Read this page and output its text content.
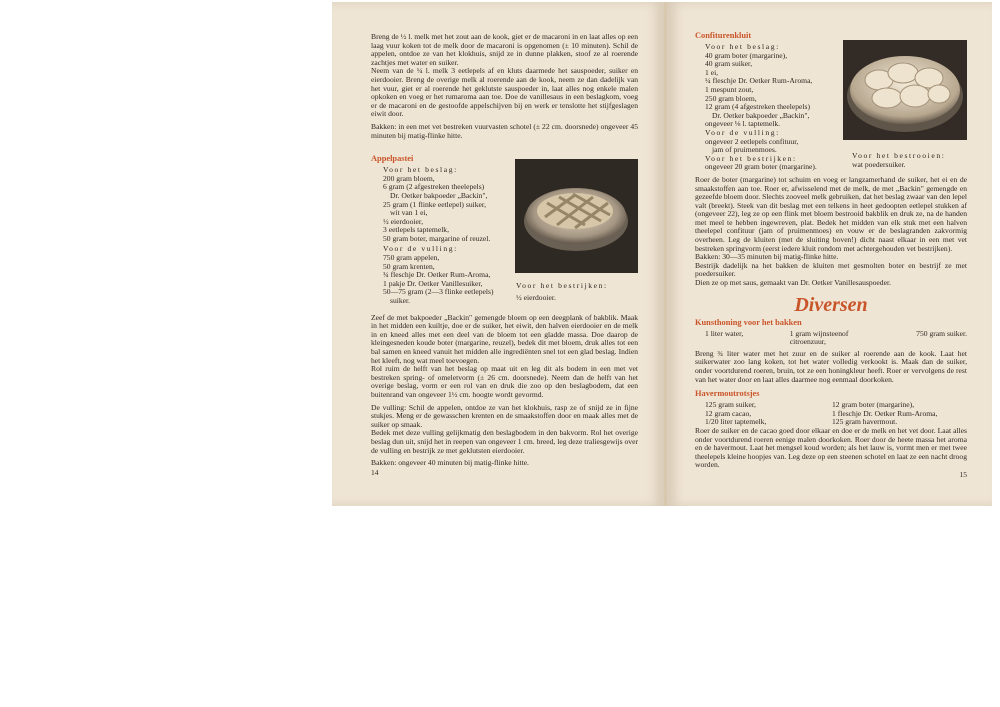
Breng de ½ l. melk met het zout aan de kook, giet er de macaroni in en laat alles op een laag vuur koken tot de melk door de macaroni is opgenomen (± 10 minuten). Schil de appelen, ontdoe ze van het klokhuis, snijd ze in dunne plakken, stoof ze al roerende zachtjes met water en suiker.

Neem van de ¼ l. melk 3 eetlepels af en kluts daarmede het sauspoeder, suiker en eierdooier. Breng de overige melk al roerende aan de kook, neem ze dan dadelijk van het vuur, giet er al roerende het geklutste sauspoeder in, laat alles nog enkele malen opkoken en voeg er het rumaroma aan toe. Doe de vanillesaus in een beslagkom, voeg er de macaroni en de gestoofde appelschijven bij en werk er tenslotte het stijfgeslagen eiwit door.

Bakken: in een met vet bestreken vuurvasten schotel (± 22 cm. doorsnede) ongeveer 45 minuten bij matig-flinke hitte.

Appelpastei

Voor het beslag:

200 gram bloem,

6 gram (2 afgestreken theelepels)

Dr. Oetker bakpoeder „Backin",

25 gram (1 flinke eetlepel) suiker,

wit van 1 ei,

½ eierdooier,

3 eetlepels taptemelk,

50 gram boter, margarine of reuzel.

Voor de vulling:

750 gram appelen,

50 gram krenten,

¾ fleschje Dr. Oetker Rum-Aroma,

1 pakje Dr. Oetker Vanillesuiker,

50—75 gram (2—3 flinke eetlepels)

suiker.

Voor het bestrijken:

½ eierdooier.

Zeef de met bakpoeder „Backin" gemengde bloem op een deegplank of bakblik. Maak in het midden een kuiltje, doe er de suiker, het eiwit, den halven eierdooier en de melk in en kneed alles met een deel van de bloem tot een gladde massa. Doe daarop de kleingesneden koude boter (margarine, reuzel), bedek dit met bloem, druk alles tot een bal samen en kneed vanuit het midden alle ingrediënten snel tot een glad beslag. Indien het kleeft, nog wat meel toevoegen.

Rol ruim de helft van het beslag op maat uit en leg dit als bodem in een met vet bestreken spring- of omeletvorm (± 26 cm. doorsnede). Neem dan de helft van het overige beslag, vorm er een rol van en druk die zoo op den beslagbodem, dat een buitenrand van ongeveer 1½ cm. hoogte wordt gevormd.

De vulling: Schil de appelen, ontdoe ze van het klokhuis, rasp ze of snijd ze in fijne stukjes. Meng er de gewasschen krenten en de smaakstoffen door en maak alles met de suiker op smaak.

Bedek met deze vulling gelijkmatig den beslagbodem in den bakvorm. Rol het overige beslag dun uit, snijd het in reepen van ongeveer 1 cm. breed, leg deze traliesgewijs over de vulling en bestrijk ze met geklutsten eierdooier.

Bakken: ongeveer 40 minuten bij matig-flinke hitte.

14

Confiturenkluit

Voor het beslag:

40 gram boter (margarine),

40 gram suiker,

1 ei,

¼ fleschje Dr. Oetker Rum-Aroma,

1 mespunt zout,

250 gram bloem,

12 gram (4 afgestreken theelepels)

Dr. Oetker bakpoeder „Backin",

ongeveer ⅛ l. taptemelk.

Voor de vulling:

ongeveer 2 eetlepels confituur,

jam of pruimenmoes.

Voor het bestrijken:

ongeveer 20 gram boter (margarine).

Voor het bestrooien:

wat poedersuiker.

Roer de boter (margarine) tot schuim en voeg er langzamerhand de suiker, het ei en de smaakstoffen aan toe. Roer er, afwisselend met de melk, de met „Backin" gemengde en gezeefde bloem door. Slechts zooveel melk gebruiken, dat het beslag zwaar van den lepel valt (breekt). Steek van dit beslag met een telkens in heet gedoopten eetlepel stukken af (ongeveer 22), leg ze op een flink met bloem bestrooid bakblik en druk ze, na de handen met meel te hebben ingewreven, plat. Bedek het midden van elk stuk met een halven theelepel confituur (jam of pruimenmoes) en vouw er de beslagranden zakvormig overheen. Leg de kluiten (met de sluiting boven!) dicht naast elkaar in een met vet bestreken springvorm (eerst iedere kluit rondom met achtergehouden vet bestrijken).

Bakken: 30—35 minuten bij matig-flinke hitte.

Bestrijk dadelijk na het bakken de kluiten met gesmolten boter en bestrijf ze met poedersuiker.

Dien ze op met saus, gemaakt van Dr. Oetker Vanillesauspoeder.

Diversen

Kunsthoning voor het bakken

1 liter water,	1 gram wijnsteenof citroenzuur,
750 gram suiker.

Breng ¾ liter water met het zuur en de suiker al roerende aan de kook. Laat het suikerwater zoo lang koken, tot het water volledig verkookt is. Maak dan de suiker, onder voortdurend roeren, bruin, tot ze een honingkleur heeft. Roer er vervolgens de rest van het water door en laat alles daarmee nog eenmaal doorkoken.

Havermoutrotsjes

125 gram suiker,

12 gram cacao,

1/20 liter taptemelk,

12 gram boter (margarine),

1 fleschje Dr. Oetker Rum-Aroma,

125 gram havermout.

Roer de suiker en de cacao goed door elkaar en doe er de melk en het vet door. Laat alles onder voortdurend roeren eenige malen doorkoken. Roer door de heete massa het aroma en de havermout. Laat het mengsel koud worden; als het lauw is, vormt men er met twee theelepels kleine hoopjes van. Leg deze op een steenen schotel en laat ze een nacht droog worden.

15
